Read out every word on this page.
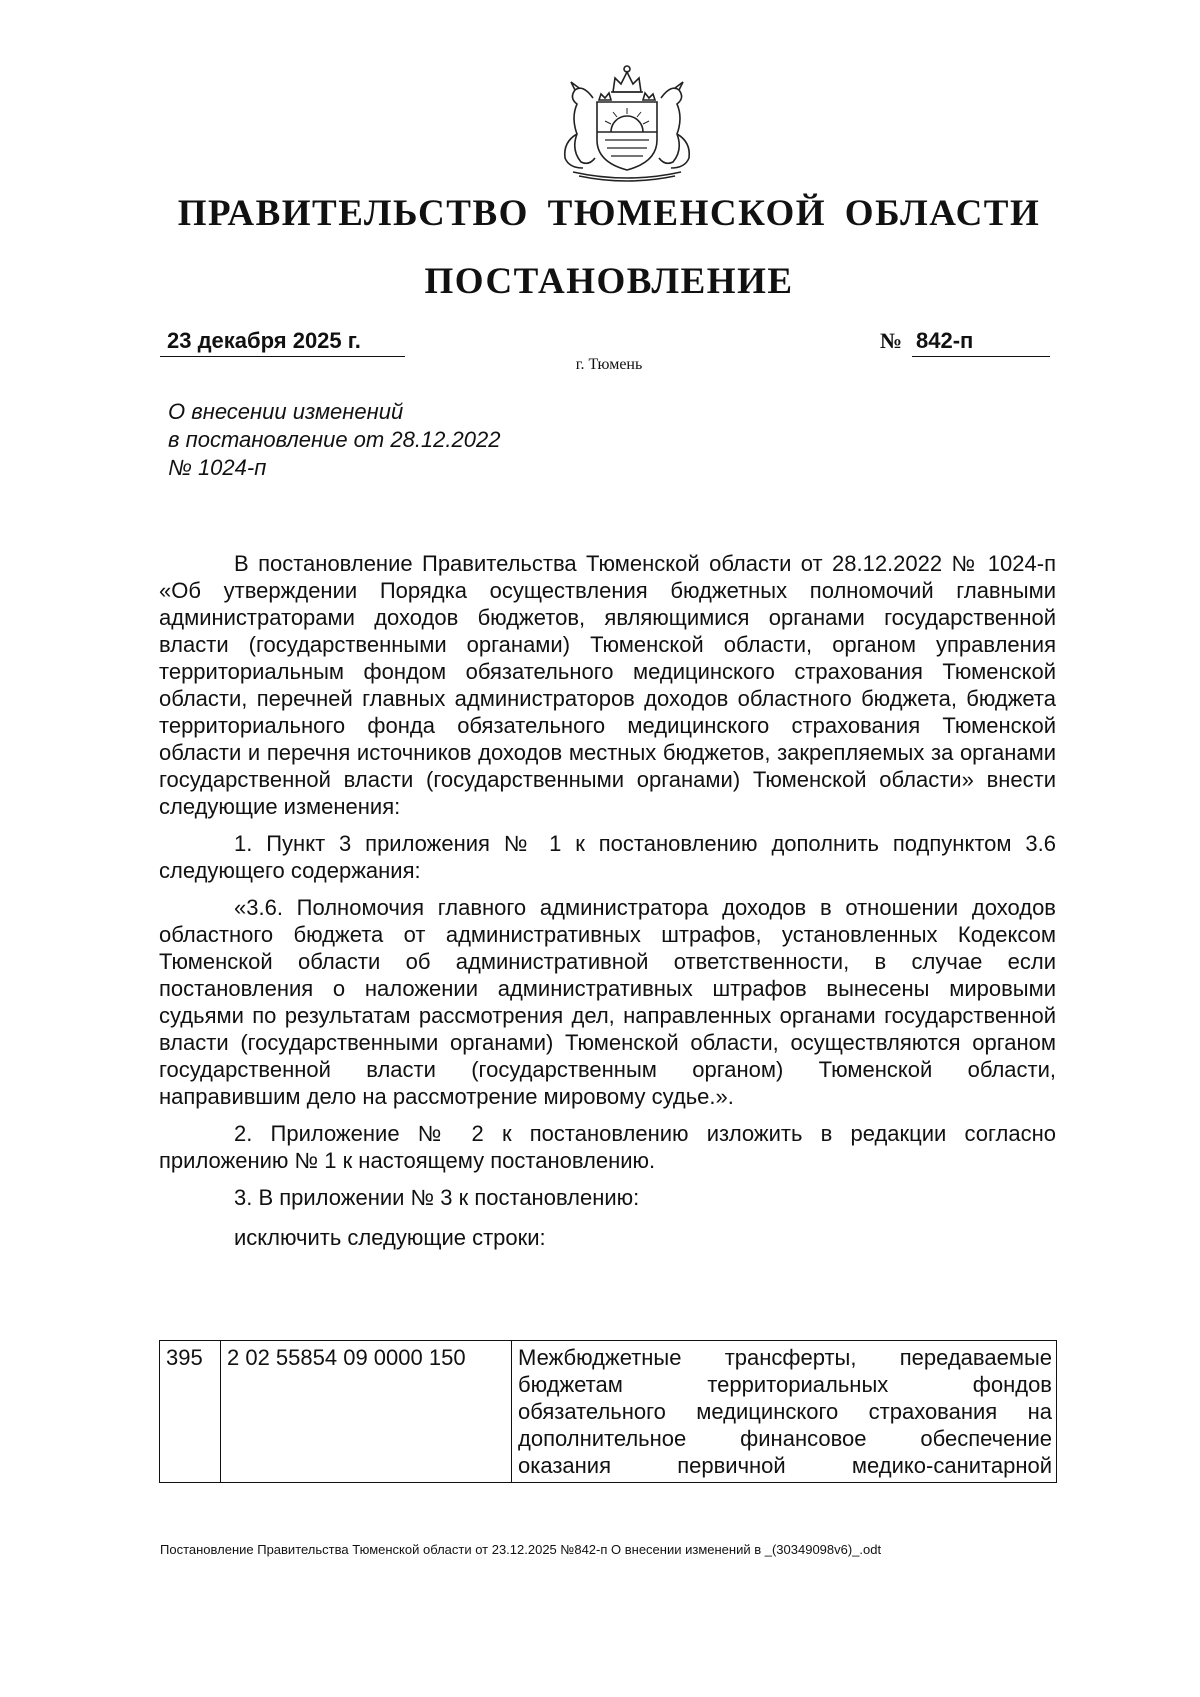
ПРАВИТЕЛЬСТВО ТЮМЕНСКОЙ ОБЛАСТИ
ПОСТАНОВЛЕНИЕ
23 декабря 2025 г.	№ 842-п
г. Тюмень
О внесении изменений
в постановление от 28.12.2022
№ 1024-п

В постановление Правительства Тюменской области от 28.12.2022 № 1024-п «Об утверждении Порядка осуществления бюджетных полномочий главными администраторами доходов бюджетов, являющимися органами государственной власти (государственными органами) Тюменской области, органом управления территориальным фондом обязательного медицинского страхования Тюменской области, перечней главных администраторов доходов областного бюджета, бюджета территориального фонда обязательного медицинского страхования Тюменской области и перечня источников доходов местных бюджетов, закрепляемых за органами государственной власти (государственными органами) Тюменской области» внести следующие изменения:

1. Пункт 3 приложения № 1 к постановлению дополнить подпунктом 3.6 следующего содержания:

«3.6. Полномочия главного администратора доходов в отношении доходов областного бюджета от административных штрафов, установленных Кодексом Тюменской области об административной ответственности, в случае если постановления о наложении административных штрафов вынесены мировыми судьями по результатам рассмотрения дел, направленных органами государственной власти (государственными органами) Тюменской области, осуществляются органом государственной власти (государственным органом) Тюменской области, направившим дело на рассмотрение мировому судье.».

2. Приложение № 2 к постановлению изложить в редакции согласно приложению № 1 к настоящему постановлению.

3. В приложении № 3 к постановлению:

исключить следующие строки:

395	2 02 55854 09 0000 150	Межбюджетные трансферты, передаваемые
бюджетам территориальных фондов
обязательного медицинского страхования на
дополнительное финансовое обеспечение
оказания первичной медико-санитарной
Постановление Правительства Тюменской области от 23.12.2025 №842-п О внесении изменений в _(30349098v6)_.odt
